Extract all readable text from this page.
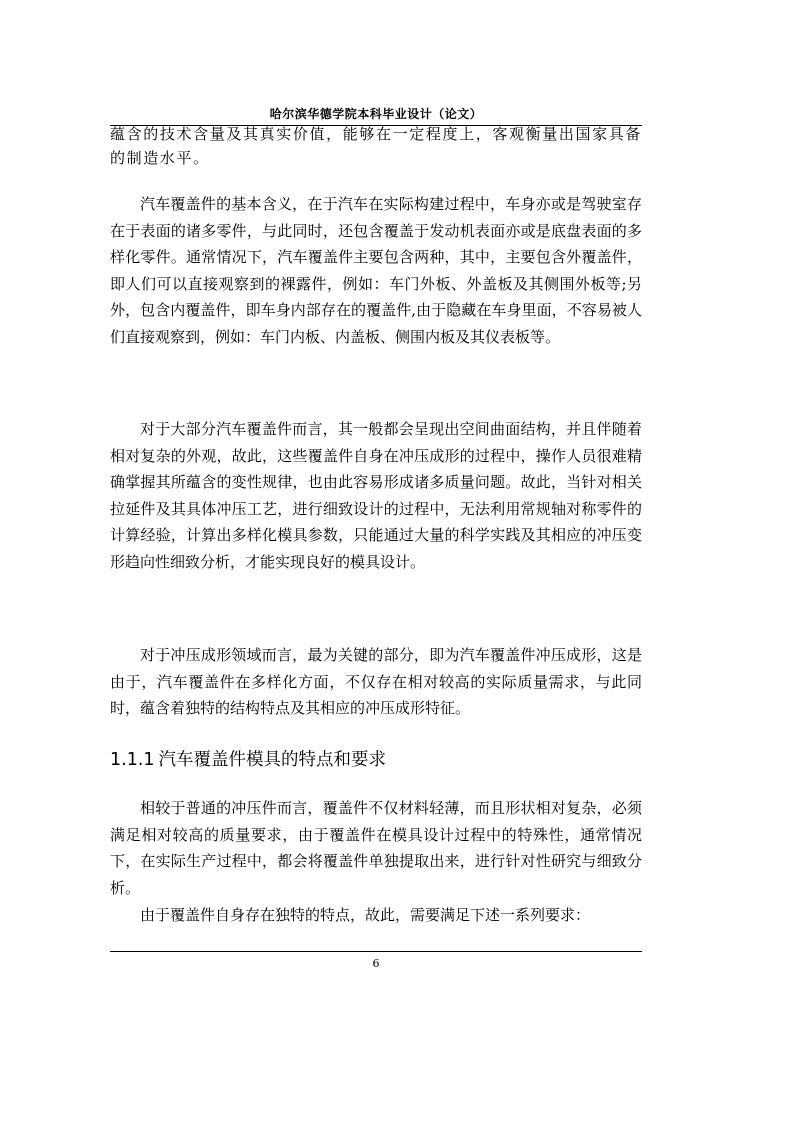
哈尔滨华德学院本科毕业设计（论文）

蕴含的技术含量及其真实价值，能够在一定程度上，客观衡量出国家具备的制造水平。

汽车覆盖件的基本含义，在于汽车在实际构建过程中，车身亦或是驾驶室存在于表面的诸多零件，与此同时，还包含覆盖于发动机表面亦或是底盘表面的多样化零件。通常情况下，汽车覆盖件主要包含两种，其中，主要包含外覆盖件，即人们可以直接观察到的裸露件，例如：车门外板、外盖板及其侧围外板等;另外，包含内覆盖件，即车身内部存在的覆盖件,由于隐藏在车身里面，不容易被人们直接观察到，例如：车门内板、内盖板、侧围内板及其仪表板等。

对于大部分汽车覆盖件而言，其一般都会呈现出空间曲面结构，并且伴随着相对复杂的外观，故此，这些覆盖件自身在冲压成形的过程中，操作人员很难精确掌握其所蕴含的变性规律，也由此容易形成诸多质量问题。故此，当针对相关拉延件及其具体冲压工艺，进行细致设计的过程中，无法利用常规轴对称零件的计算经验，计算出多样化模具参数，只能通过大量的科学实践及其相应的冲压变形趋向性细致分析，才能实现良好的模具设计。

对于冲压成形领域而言，最为关键的部分，即为汽车覆盖件冲压成形，这是由于，汽车覆盖件在多样化方面，不仅存在相对较高的实际质量需求，与此同时，蕴含着独特的结构特点及其相应的冲压成形特征。

1.1.1 汽车覆盖件模具的特点和要求

相较于普通的冲压件而言，覆盖件不仅材料轻薄，而且形状相对复杂，必须满足相对较高的质量要求，由于覆盖件在模具设计过程中的特殊性，通常情况下，在实际生产过程中，都会将覆盖件单独提取出来，进行针对性研究与细致分析。

由于覆盖件自身存在独特的特点，故此，需要满足下述一系列要求：

6
